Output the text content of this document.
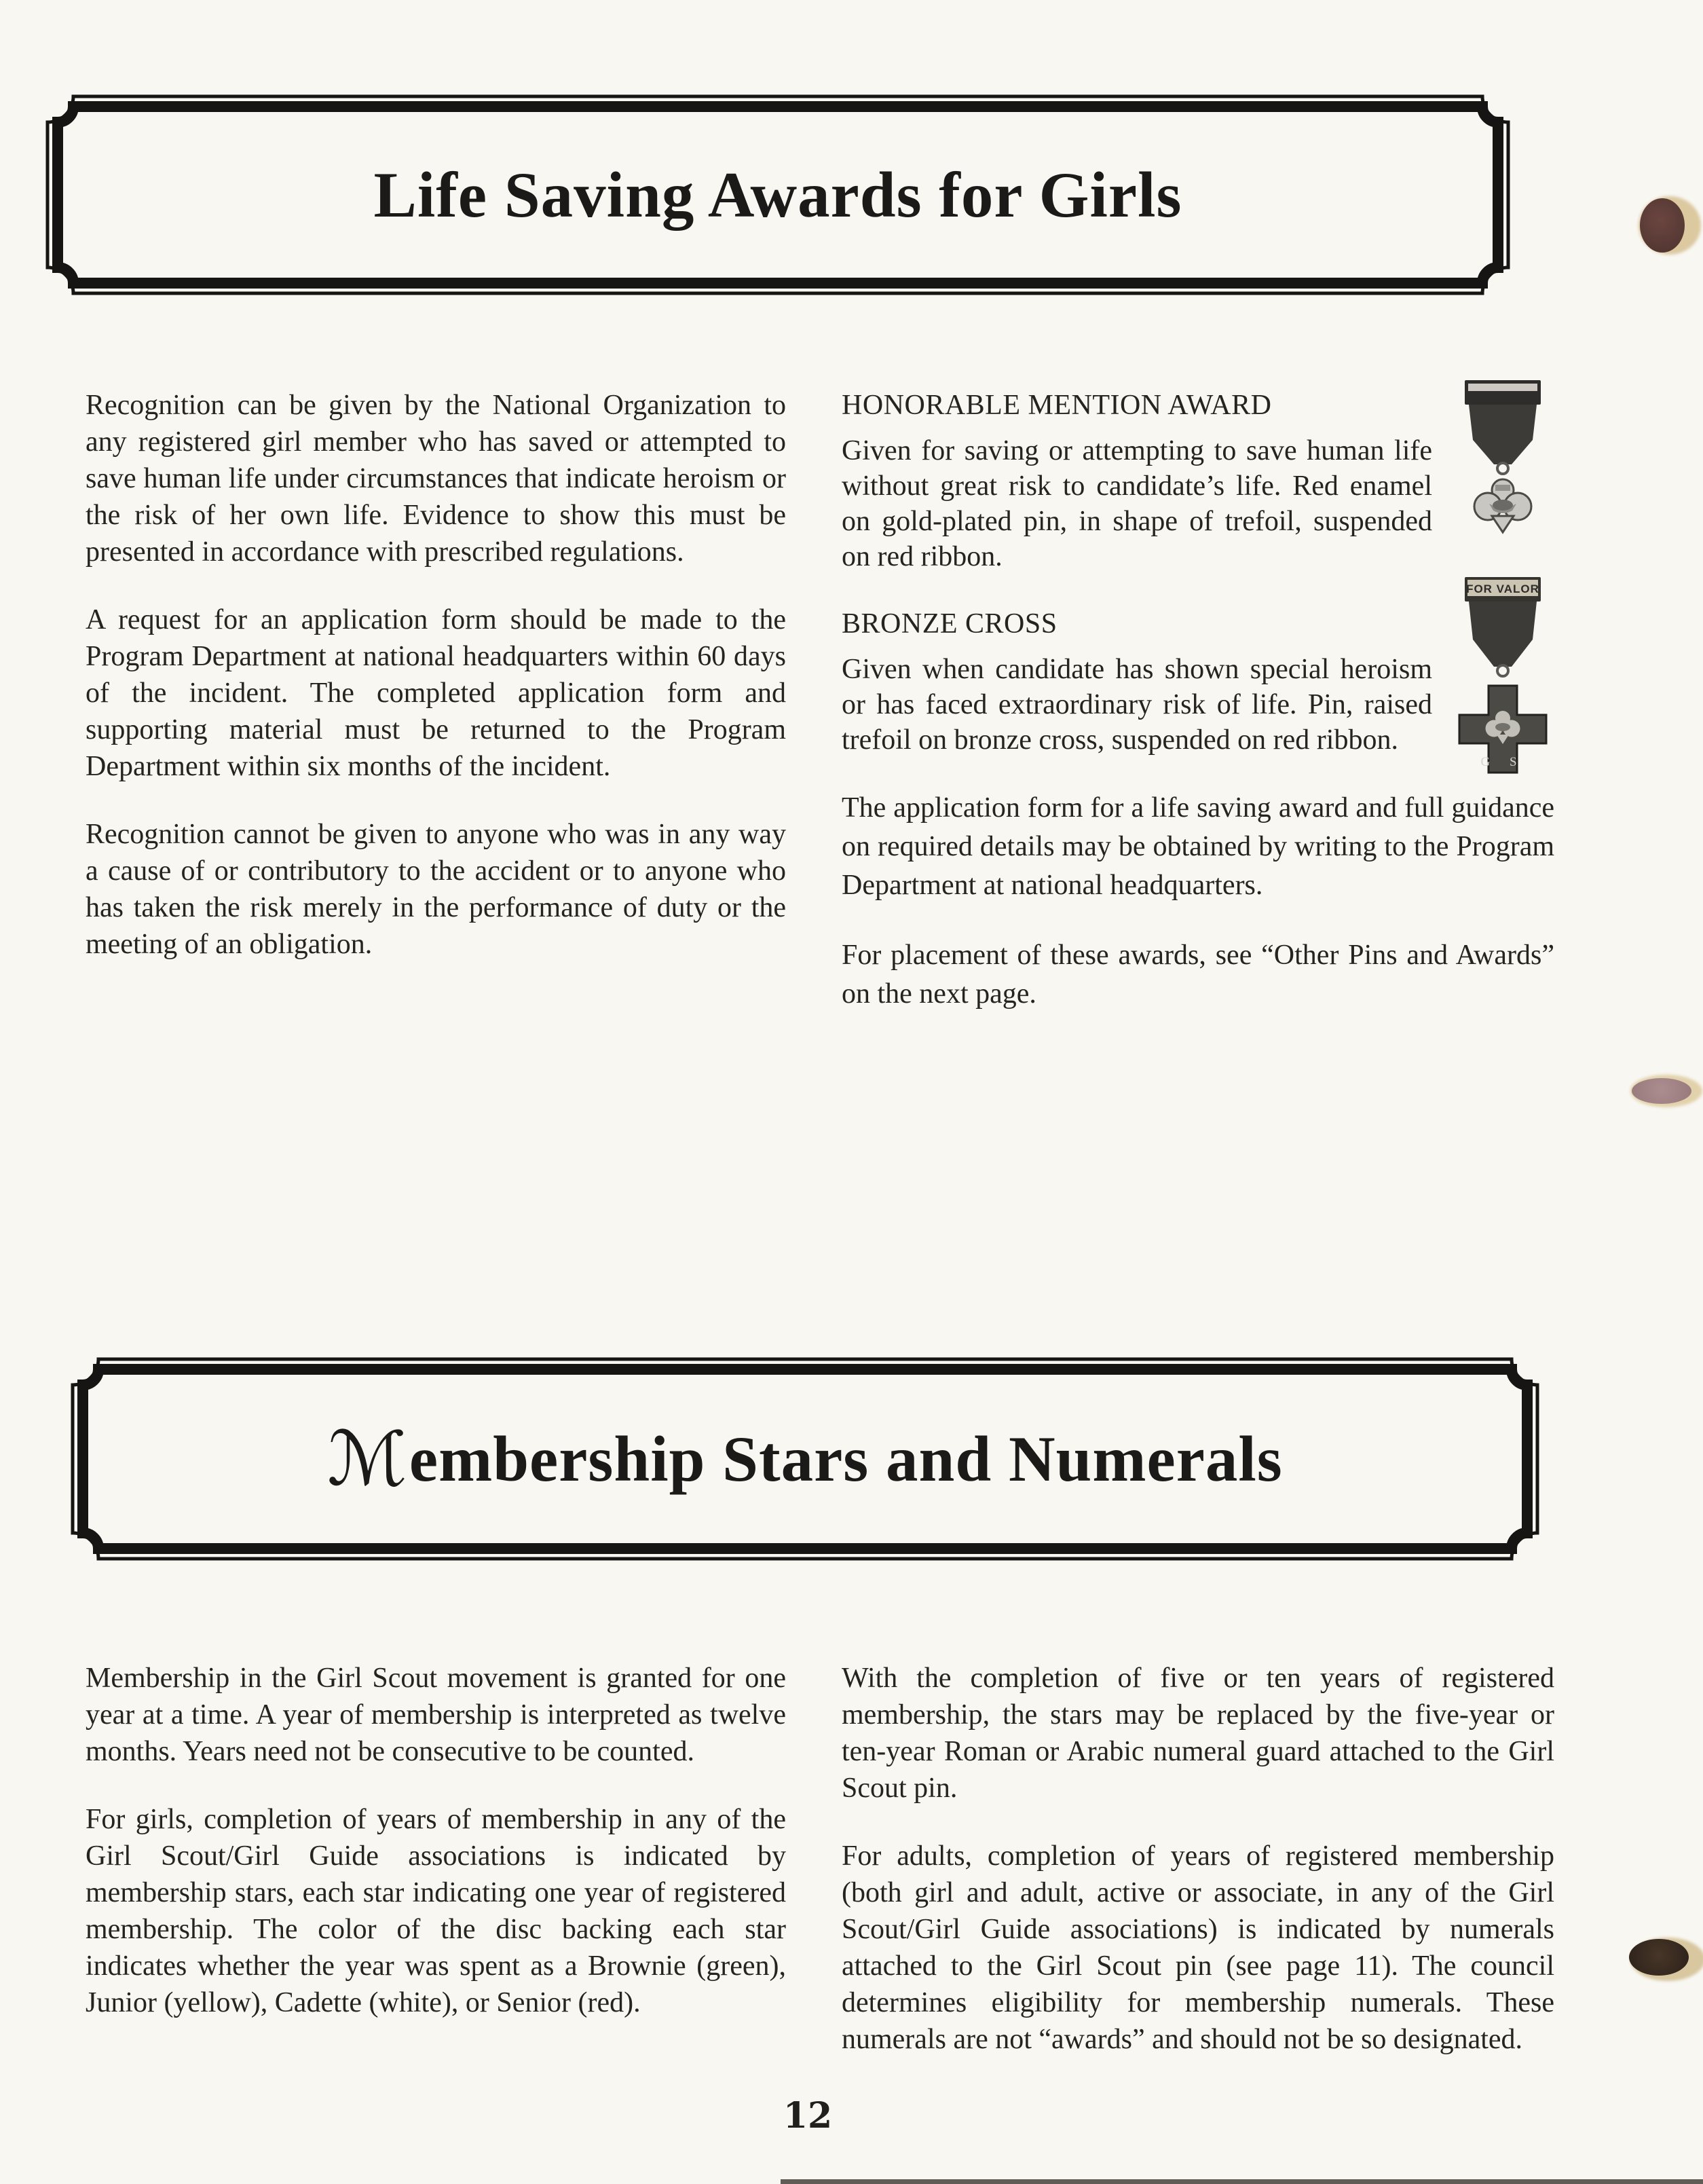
Life Saving Awards for Girls

Recognition can be given by the National Organization to any registered girl member who has saved or attempted to save human life under circumstances that indicate heroism or the risk of her own life. Evidence to show this must be presented in accordance with prescribed regulations.

A request for an application form should be made to the Program Department at national headquarters within 60 days of the incident. The completed application form and supporting material must be returned to the Program Department within six months of the incident.

Recognition cannot be given to anyone who was in any way a cause of or contributory to the accident or to anyone who has taken the risk merely in the performance of duty or the meeting of an obligation.

HONORABLE MENTION AWARD

Given for saving or attempting to save human life without great risk to candidate’s life. Red enamel on gold-plated pin, in shape of trefoil, suspended on red ribbon.

BRONZE CROSS

Given when candidate has shown special heroism or has faced extraordinary risk of life. Pin, raised trefoil on bronze cross, suspended on red ribbon.

The application form for a life saving award and full guidance on required details may be obtained by writing to the Program Department at national headquarters.

For placement of these awards, see “Other Pins and Awards” on the next page.

FOR VALOR
G S
ℳ embership Stars and Numerals

Membership in the Girl Scout movement is granted for one year at a time. A year of membership is interpreted as twelve months. Years need not be consecutive to be counted.

For girls, completion of years of membership in any of the Girl Scout/Girl Guide associations is indicated by membership stars, each star indicating one year of registered membership. The color of the disc backing each star indicates whether the year was spent as a Brownie (green), Junior (yellow), Cadette (white), or Senior (red).

With the completion of five or ten years of registered membership, the stars may be replaced by the five-year or ten-year Roman or Arabic numeral guard attached to the Girl Scout pin.

For adults, completion of years of registered membership (both girl and adult, active or associate, in any of the Girl Scout/Girl Guide associations) is indicated by numerals attached to the Girl Scout pin (see page 11). The council determines eligibility for membership numerals. These numerals are not “awards” and should not be so designated.

12
